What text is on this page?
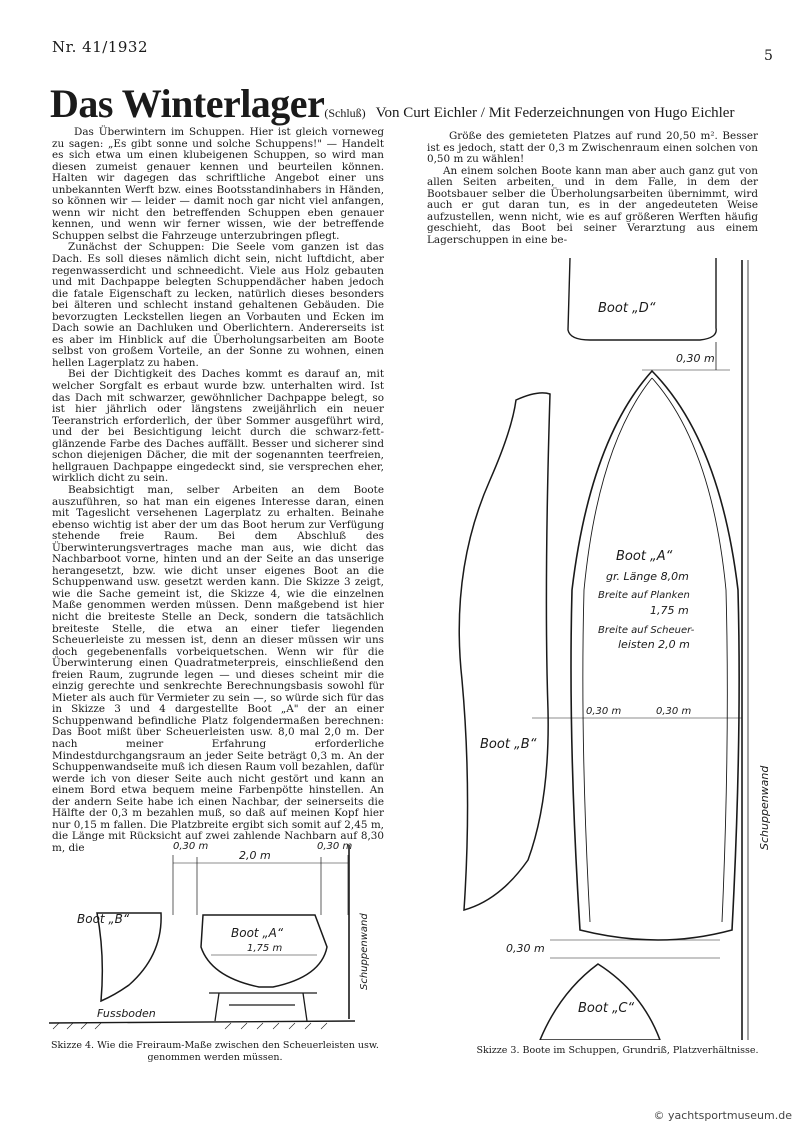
Nr. 41/1932	5
Das Winterlager(Schluß) Von Curt Eichler / Mit Federzeichnungen von Hugo Eichler

Das Überwintern im Schuppen. Hier ist gleich vorneweg zu sagen: „Es gibt sonne und solche Schuppens!" — Handelt es sich etwa um einen klubeigenen Schuppen, so wird man diesen zumeist genauer kennen und beurteilen können. Halten wir dagegen das schriftliche Angebot einer uns unbekannten Werft bzw. eines Bootsstandinhabers in Händen, so können wir — leider — damit noch gar nicht viel anfangen, wenn wir nicht den betreffenden Schuppen eben genauer kennen, und wenn wir ferner wissen, wie der betreffende Schuppen selbst die Fahrzeuge unterzubringen pflegt.

Zunächst der Schuppen: Die Seele vom ganzen ist das Dach. Es soll dieses nämlich dicht sein, nicht luftdicht, aber regenwasserdicht und schneedicht. Viele aus Holz gebauten und mit Dachpappe belegten Schuppendächer haben jedoch die fatale Eigenschaft zu lecken, natürlich dieses besonders bei älteren und schlecht instand gehaltenen Gebäuden. Die bevorzugten Leckstellen liegen an Vorbauten und Ecken im Dach sowie an Dachluken und Oberlichtern. Andererseits ist es aber im Hinblick auf die Überholungsarbeiten am Boote selbst von großem Vorteile, an der Sonne zu wohnen, einen hellen Lagerplatz zu haben.

Bei der Dichtigkeit des Daches kommt es darauf an, mit welcher Sorgfalt es erbaut wurde bzw. unterhalten wird. Ist das Dach mit schwarzer, gewöhnlicher Dachpappe belegt, so ist hier jährlich oder längstens zweijährlich ein neuer Teeranstrich erforderlich, der über Sommer ausgeführt wird, und der bei Besichtigung leicht durch die schwarz-fett-glänzende Farbe des Daches auffällt. Besser und sicherer sind schon diejenigen Dächer, die mit der sogenannten teerfreien, hellgrauen Dachpappe eingedeckt sind, sie versprechen eher, wirklich dicht zu sein.

Beabsichtigt man, selber Arbeiten an dem Boote auszuführen, so hat man ein eigenes Interesse daran, einen mit Tageslicht versehenen Lagerplatz zu erhalten. Beinahe ebenso wichtig ist aber der um das Boot herum zur Verfügung stehende freie Raum. Bei dem Abschluß des Überwinterungsvertrages mache man aus, wie dicht das Nachbarboot vorne, hinten und an der Seite an das unserige herangesetzt, bzw. wie dicht unser eigenes Boot an die Schuppenwand usw. gesetzt werden kann. Die Skizze 3 zeigt, wie die Sache gemeint ist, die Skizze 4, wie die einzelnen Maße genommen werden müssen. Denn maßgebend ist hier nicht die breiteste Stelle an Deck, sondern die tatsächlich breiteste Stelle, die etwa an einer tiefer liegenden Scheuerleiste zu messen ist, denn an dieser müssen wir uns doch gegebenenfalls vorbeiquetschen. Wenn wir für die Überwinterung einen Quadratmeterpreis, einschließend den freien Raum, zugrunde legen — und dieses scheint mir die einzig gerechte und senkrechte Berechnungsbasis sowohl für Mieter als auch für Vermieter zu sein —, so würde sich für das in Skizze 3 und 4 dargestellte Boot „A" der an einer Schuppenwand befindliche Platz folgendermaßen berechnen: Das Boot mißt über Scheuerleisten usw. 8,0 mal 2,0 m. Der nach meiner Erfahrung erforderliche Mindestdurchgangsraum an jeder Seite beträgt 0,3 m. An der Schuppenwandseite muß ich diesen Raum voll bezahlen, dafür werde ich von dieser Seite auch nicht gestört und kann an einem Bord etwa bequem meine Farbenpötte hinstellen. An der andern Seite habe ich einen Nachbar, der seinerseits die Hälfte der 0,3 m bezahlen muß, so daß auf meinen Kopf hier nur 0,15 m fallen. Die Platzbreite ergibt sich somit auf 2,45 m, die Länge mit Rücksicht auf zwei zahlende Nachbarn auf 8,30 m, die

Größe des gemieteten Platzes auf rund 20,50 m². Besser ist es jedoch, statt der 0,3 m Zwischenraum einen solchen von 0,50 m zu wählen!

An einem solchen Boote kann man aber auch ganz gut von allen Seiten arbeiten, und in dem Falle, in dem der Bootsbauer selber die Überholungsarbeiten übernimmt, wird auch er gut daran tun, es in der angedeuteten Weise aufzustellen, wenn nicht, wie es auf größeren Werften häufig geschieht, das Boot bei seiner Verarztung aus einem Lagerschuppen in eine be-

Schuppenwand
Boot „D“
0,30 m
Boot „A“
gr. Länge 8,0m
Breite auf Planken
1,75 m
Breite auf Scheuer-
leisten 2,0 m
0,30 m	0,30 m
Boot „B“
0,30 m
Boot „C“
0,30 m
2,0 m
0,30 m
Schuppenwand
Boot „A“
1,75 m
Boot „B“
Fussboden
Skizze 4. Wie die Freiraum-Maße zwischen den Scheuerleisten usw. genommen werden müssen.
Skizze 3. Boote im Schuppen, Grundriß, Platzverhältnisse.
© yachtsportmuseum.de
